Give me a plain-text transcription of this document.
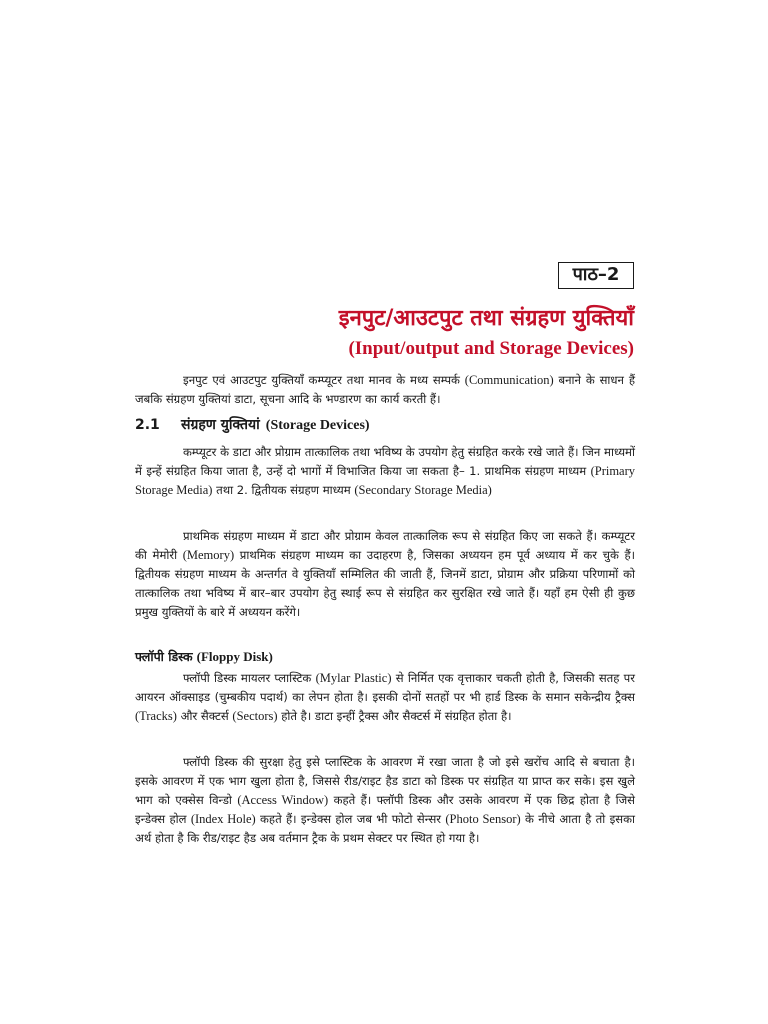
पाठ–2
इनपुट/आउटपुट तथा संग्रहण युक्तियाँ
(Input/output and Storage Devices)
इनपुट एवं आउटपुट युक्तियाँ कम्प्यूटर तथा मानव के मध्य सम्पर्क (Communication) बनाने के साधन हैं जबकि संग्रहण युक्तियां डाटा, सूचना आदि के भण्डारण का कार्य करती हैं।
2.1 संग्रहण युक्तियां (Storage Devices)
कम्प्यूटर के डाटा और प्रोग्राम तात्कालिक तथा भविष्य के उपयोग हेतु संग्रहित करके रखे जाते हैं। जिन माध्यमों में इन्हें संग्रहित किया जाता है, उन्हें दो भागों में विभाजित किया जा सकता है– 1. प्राथमिक संग्रहण माध्यम (Primary Storage Media) तथा 2. द्वितीयक संग्रहण माध्यम (Secondary Storage Media)
प्राथमिक संग्रहण माध्यम में डाटा और प्रोग्राम केवल तात्कालिक रूप से संग्रहित किए जा सकते हैं। कम्प्यूटर की मेमोरी (Memory) प्राथमिक संग्रहण माध्यम का उदाहरण है, जिसका अध्ययन हम पूर्व अध्याय में कर चुके हैं। द्वितीयक संग्रहण माध्यम के अन्तर्गत वे युक्तियाँ सम्मिलित की जाती हैं, जिनमें डाटा, प्रोग्राम और प्रक्रिया परिणामों को तात्कालिक तथा भविष्य में बार–बार उपयोग हेतु स्थाई रूप से संग्रहित कर सुरक्षित रखे जाते हैं। यहाँ हम ऐसी ही कुछ प्रमुख युक्तियों के बारे में अध्ययन करेंगे।
फ्लॉपी डिस्क (Floppy Disk)
फ्लॉपी डिस्क मायलर प्लास्टिक (Mylar Plastic) से निर्मित एक वृत्ताकार चकती होती है, जिसकी सतह पर आयरन ऑक्साइड (चुम्बकीय पदार्थ) का लेपन होता है। इसकी दोनों सतहों पर भी हार्ड डिस्क के समान सकेन्द्रीय ट्रैक्स (Tracks) और सैक्टर्स (Sectors) होते है। डाटा इन्हीं ट्रैक्स और सैक्टर्स में संग्रहित होता है।
फ्लॉपी डिस्क की सुरक्षा हेतु इसे प्लास्टिक के आवरण में रखा जाता है जो इसे खरोंच आदि से बचाता है। इसके आवरण में एक भाग खुला होता है, जिससे रीड/राइट हैड डाटा को डिस्क पर संग्रहित या प्राप्त कर सके। इस खुले भाग को एक्सेस विन्डो (Access Window) कहते हैं। फ्लॉपी डिस्क और उसके आवरण में एक छिद्र होता है जिसे इन्डेक्स होल (Index Hole) कहते हैं। इन्डेक्स होल जब भी फोटो सेन्सर (Photo Sensor) के नीचे आता है तो इसका अर्थ होता है कि रीड/राइट हैड अब वर्तमान ट्रैक के प्रथम सेक्टर पर स्थित हो गया है।
